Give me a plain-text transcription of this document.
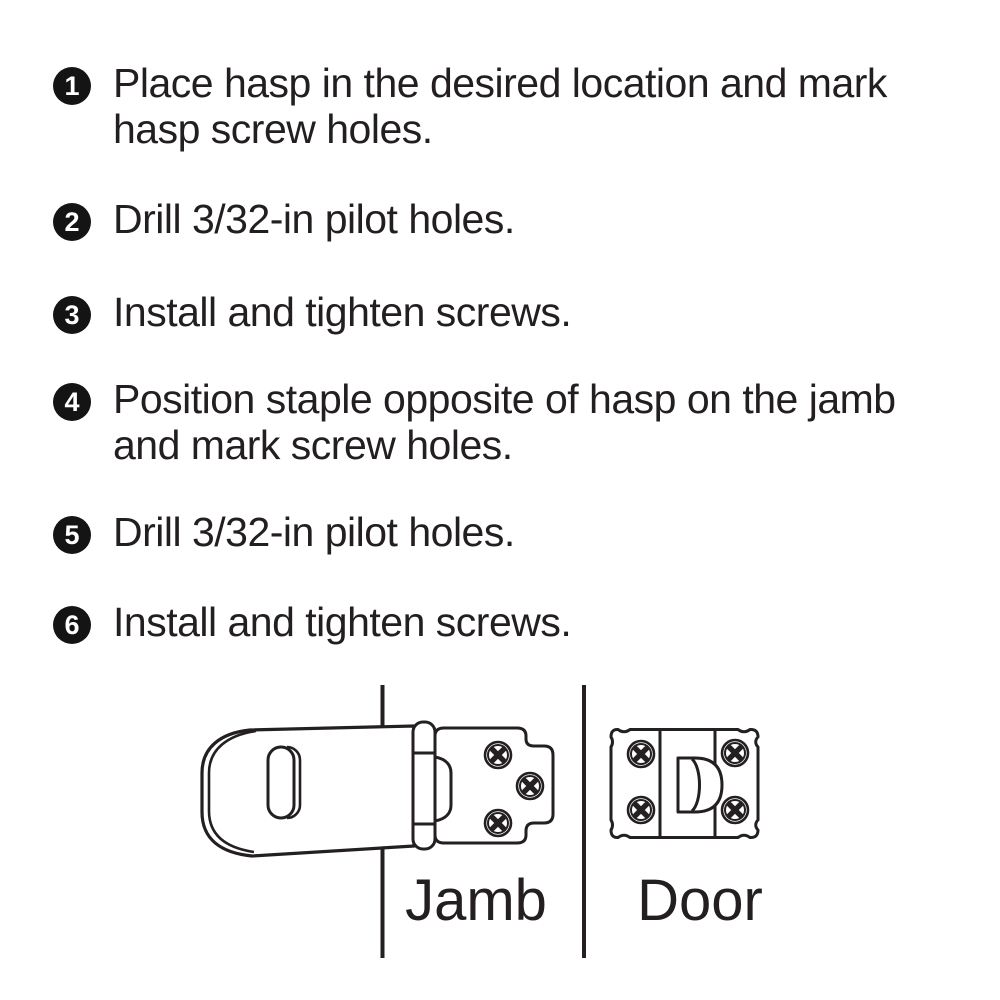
1 Place hasp in the desired location and mark
hasp screw holes.
2 Drill 3/32-in pilot holes.
3 Install and tighten screws.
4 Position staple opposite of hasp on the jamb
and mark screw holes.
5 Drill 3/32-in pilot holes.
6 Install and tighten screws.
Jamb Door
